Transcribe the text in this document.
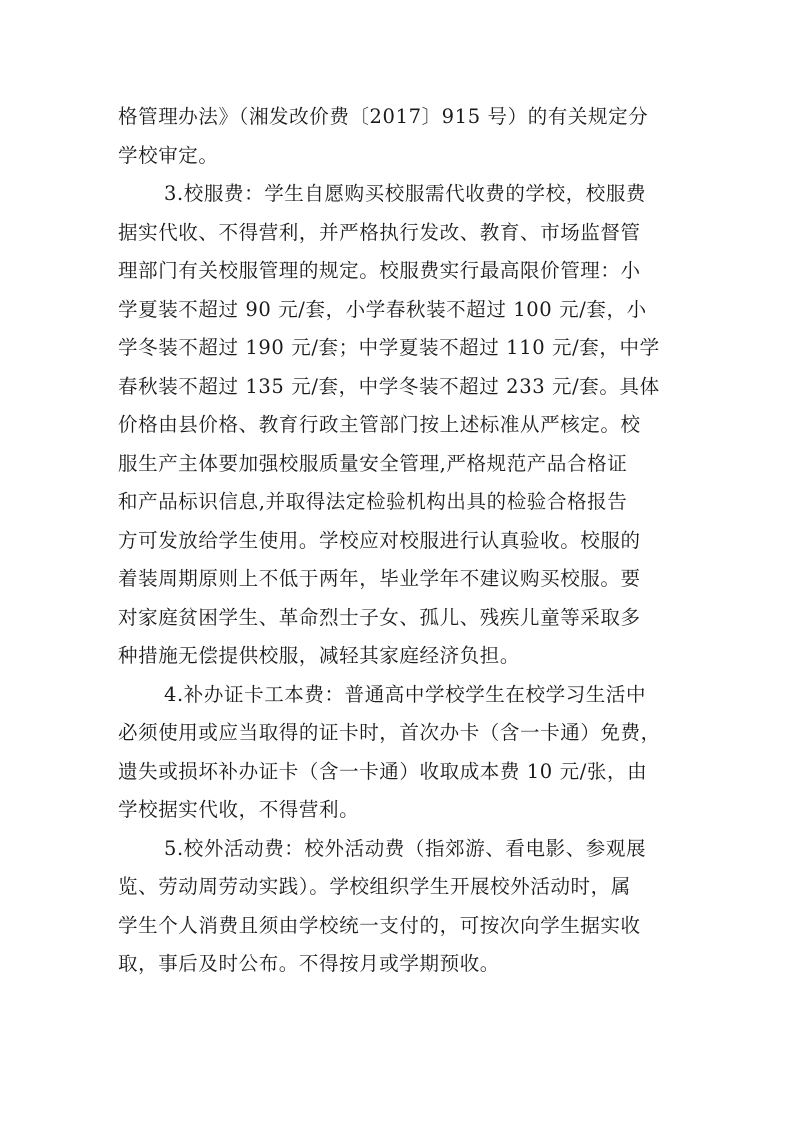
格管理办法》（湘发改价费〔2017〕915 号）的有关规定分
学校审定。
3.校服费：学生自愿购买校服需代收费的学校，校服费
据实代收、不得营利，并严格执行发改、教育、市场监督管
理部门有关校服管理的规定。校服费实行最高限价管理：小
学夏装不超过 90 元/套，小学春秋装不超过 100 元/套，小
学冬装不超过 190 元/套；中学夏装不超过 110 元/套，中学
春秋装不超过 135 元/套，中学冬装不超过 233 元/套。具体
价格由县价格、教育行政主管部门按上述标准从严核定。校
服生产主体要加强校服质量安全管理,严格规范产品合格证
和产品标识信息,并取得法定检验机构出具的检验合格报告
方可发放给学生使用。学校应对校服进行认真验收。校服的
着装周期原则上不低于两年，毕业学年不建议购买校服。要
对家庭贫困学生、革命烈士子女、孤儿、残疾儿童等采取多
种措施无偿提供校服，减轻其家庭经济负担。
4.补办证卡工本费：普通高中学校学生在校学习生活中
必须使用或应当取得的证卡时，首次办卡（含一卡通）免费，
遗失或损坏补办证卡（含一卡通）收取成本费 10 元/张，由
学校据实代收，不得营利。
5.校外活动费：校外活动费（指郊游、看电影、参观展
览、劳动周劳动实践）。学校组织学生开展校外活动时，属
学生个人消费且须由学校统一支付的，可按次向学生据实收
取，事后及时公布。不得按月或学期预收。
